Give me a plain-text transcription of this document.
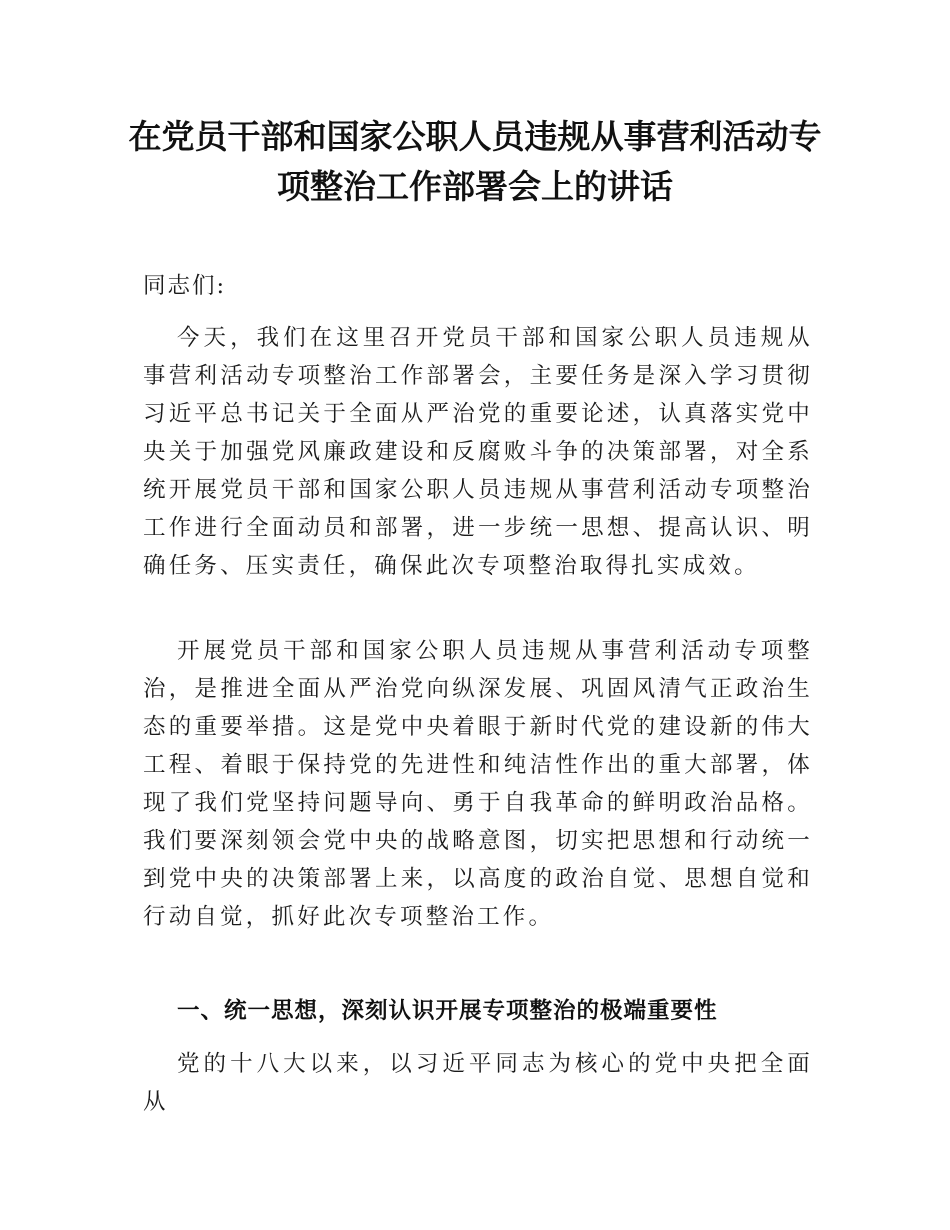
在党员干部和国家公职人员违规从事营利活动专项整治工作部署会上的讲话

同志们:

今天，我们在这里召开党员干部和国家公职人员违规从事营利活动专项整治工作部署会，主要任务是深入学习贯彻习近平总书记关于全面从严治党的重要论述，认真落实党中央关于加强党风廉政建设和反腐败斗争的决策部署，对全系统开展党员干部和国家公职人员违规从事营利活动专项整治工作进行全面动员和部署，进一步统一思想、提高认识、明确任务、压实责任，确保此次专项整治取得扎实成效。

开展党员干部和国家公职人员违规从事营利活动专项整治，是推进全面从严治党向纵深发展、巩固风清气正政治生态的重要举措。这是党中央着眼于新时代党的建设新的伟大工程、着眼于保持党的先进性和纯洁性作出的重大部署，体现了我们党坚持问题导向、勇于自我革命的鲜明政治品格。我们要深刻领会党中央的战略意图，切实把思想和行动统一到党中央的决策部署上来，以高度的政治自觉、思想自觉和行动自觉，抓好此次专项整治工作。

一、统一思想，深刻认识开展专项整治的极端重要性

党的十八大以来，以习近平同志为核心的党中央把全面从
